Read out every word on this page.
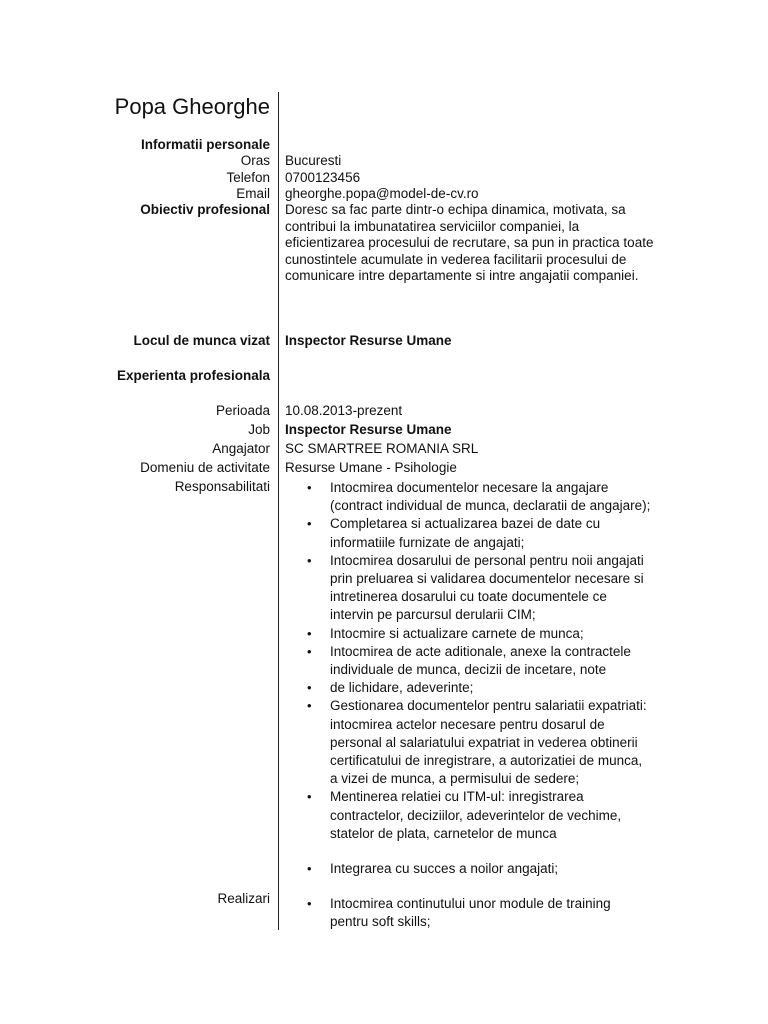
Popa Gheorghe
Informatii personale
Oras Bucuresti
Telefon 0700123456
Email gheorghe.popa@model-de-cv.ro
Obiectiv profesional Doresc sa fac parte dintr-o echipa dinamica, motivata, sa contribui la imbunatatirea serviciilor companiei, la eficientizarea procesului de recrutare, sa pun in practica toate cunostintele acumulate in vederea facilitarii procesului de comunicare intre departamente si intre angajatii companiei.
Locul de munca vizat Inspector Resurse Umane
Experienta profesionala
Perioada 10.08.2013-prezent
Job Inspector Resurse Umane
Angajator SC SMARTREE ROMANIA SRL
Domeniu de activitate Resurse Umane - Psihologie
Responsabilitati	• Intocmirea documentelor necesare la angajare
(contract individual de munca, declaratii de angajare);
• Completarea si actualizarea bazei de date cu
informatiile furnizate de angajati;
• Intocmirea dosarului de personal pentru noii angajati
prin preluarea si validarea documentelor necesare si
intretinerea dosarului cu toate documentele ce
intervin pe parcursul derularii CIM;
• Intocmire si actualizare carnete de munca;
• Intocmirea de acte aditionale, anexe la contractele
individuale de munca, decizii de incetare, note
• de lichidare, adeverinte;
• Gestionarea documentelor pentru salariatii expatriati:
intocmirea actelor necesare pentru dosarul de
personal al salariatului expatriat in vederea obtinerii
certificatului de inregistrare, a autorizatiei de munca,
a vizei de munca, a permisului de sedere;
• Mentinerea relatiei cu ITM-ul: inregistrarea
contractelor, deciziilor, adeverintelor de vechime,
statelor de plata, carnetelor de munca
• Integrarea cu succes a noilor angajati;
Realizari	• Intocmirea continutului unor module de training
pentru soft skills;
